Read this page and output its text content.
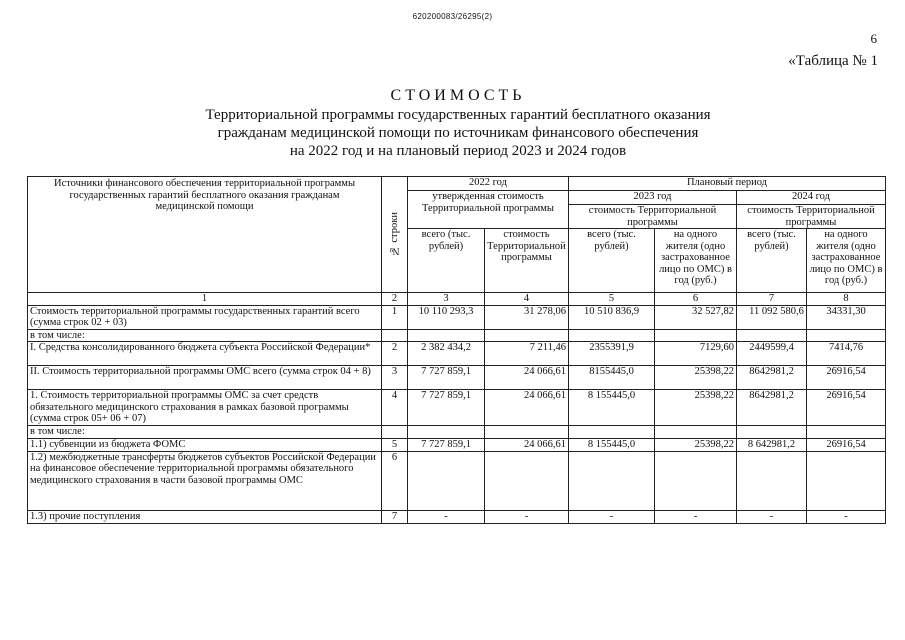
620200083/26295(2)
6
«Таблица № 1
СТОИМОСТЬ
Территориальной программы государственных гарантий бесплатного оказания
гражданам медицинской помощи по источникам финансового обеспечения
на 2022 год и на плановый период 2023 и 2024 годов
Источники финансового обеспечения территориальной программы государственных гарантий бесплатного оказания гражданам медицинской помощи	№ строки	2022 год		Плановый период			
		утвержденная стоимость Территориальной программы		2023 год		2024 год	
				стоимость Территориальной программы		стоимость Территориальной программы	
		всего (тыс. рублей)	стоимость Территориальной программы	всего (тыс. рублей)	на одного жителя (одно застрахованное лицо по ОМС) в год (руб.)	всего (тыс. рублей)	на одного жителя (одно застрахованное лицо по ОМС) в год (руб.)
1	2	3	4	5	6	7	8
Стоимость территориальной программы государственных гарантий всего (сумма строк 02 + 03)	1	10 110 293,3	31 278,06	10 510 836,9	32 527,82	11 092 580,6	34331,30
в том числе:							
I. Средства консолидированного бюджета субъекта Российской Федерации*	2	2 382 434,2	7 211,46	2355391,9	7129,60	2449599,4	7414,76
II. Стоимость территориальной программы ОМС всего (сумма строк 04 + 8)	3	7 727 859,1	24 066,61	8155445,0	25398,22	8642981,2	26916,54
1. Стоимость территориальной программы ОМС за счет средств обязательного медицинского страхования в рамках базовой программы (сумма строк 05+ 06 + 07)	4	7 727 859,1	24 066,61	8 155445,0	25398,22	8642981,2	26916,54
в том числе:							
1.1) субвенции из бюджета ФОМС	5	7 727 859,1	24 066,61	8 155445,0	25398,22	8 642981,2	26916,54
1.2) межбюджетные трансферты бюджетов субъектов Российской Федерации на финансовое обеспечение территориальной программы обязательного медицинского страхования в части базовой программы ОМС	6						
1.3) прочие поступления	7	-	-	-	-	-	-
